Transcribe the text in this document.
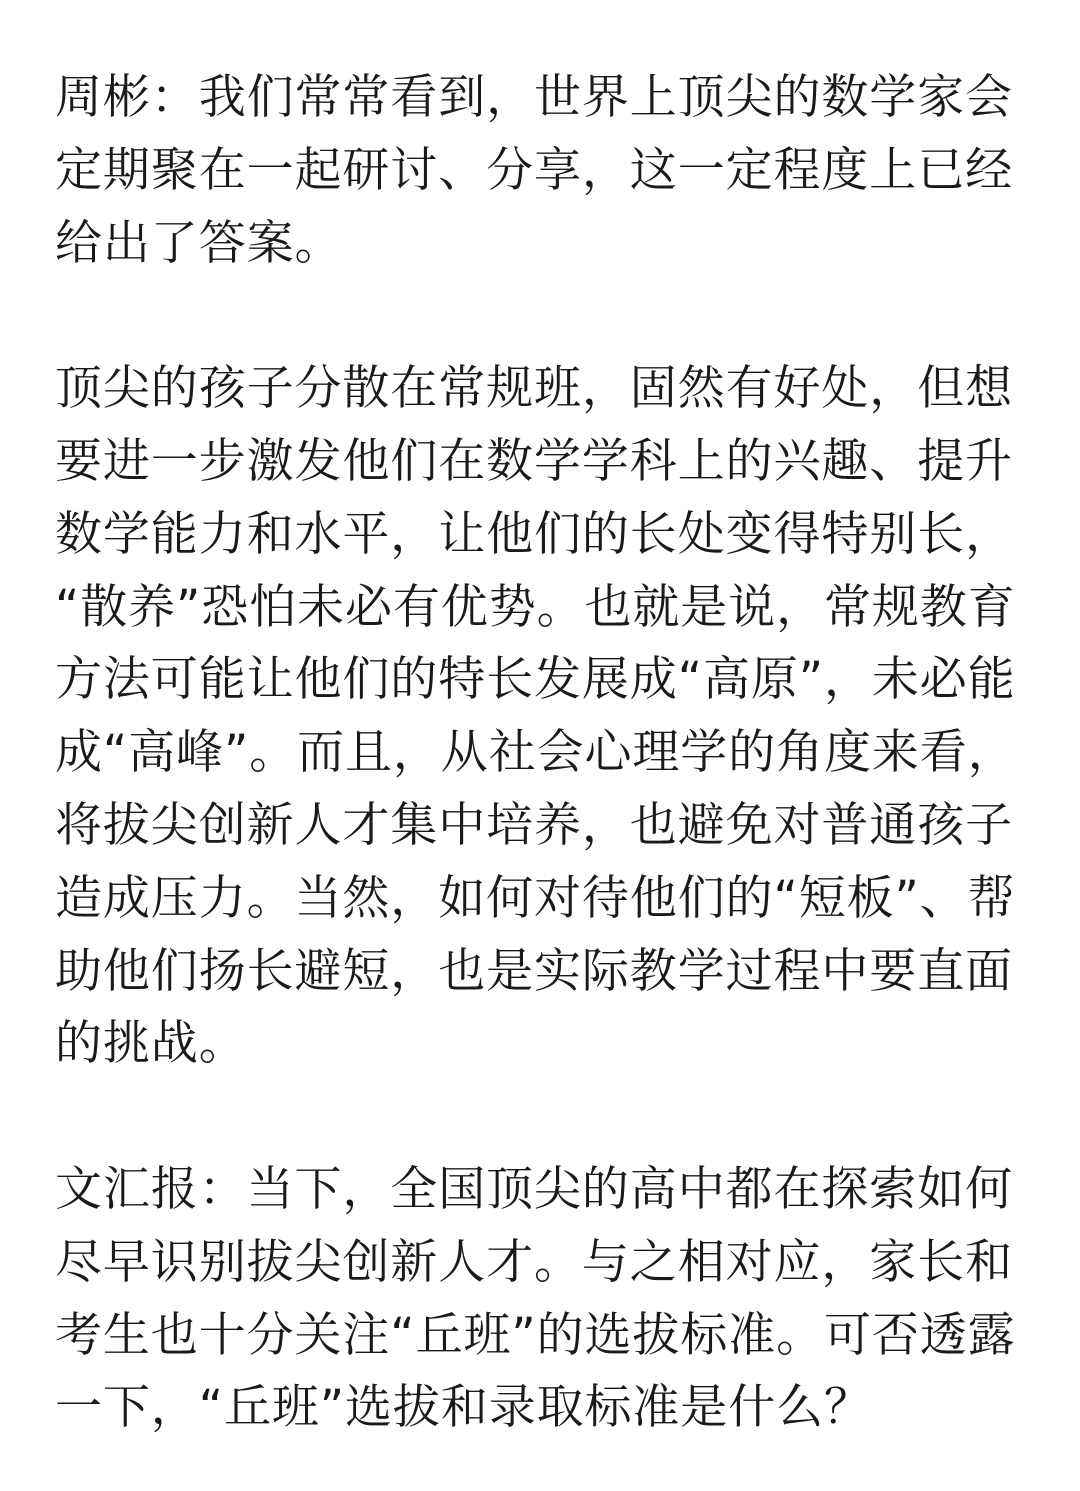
周彬：我们常常看到，世界上顶尖的数学家会
定期聚在一起研讨、分享，这一定程度上已经
给出了答案。
顶尖的孩子分散在常规班，固然有好处，但想
要进一步激发他们在数学学科上的兴趣、提升
数学能力和水平，让他们的长处变得特别长，
“散养”恐怕未必有优势。也就是说，常规教育
方法可能让他们的特长发展成“高原”，未必能
成“高峰”。而且，从社会心理学的角度来看，
将拔尖创新人才集中培养，也避免对普通孩子
造成压力。当然，如何对待他们的“短板”、帮
助他们扬长避短，也是实际教学过程中要直面
的挑战。
文汇报：当下，全国顶尖的高中都在探索如何
尽早识别拔尖创新人才。与之相对应，家长和
考生也十分关注“丘班”的选拔标准。可否透露
一下，“丘班”选拔和录取标准是什么？
